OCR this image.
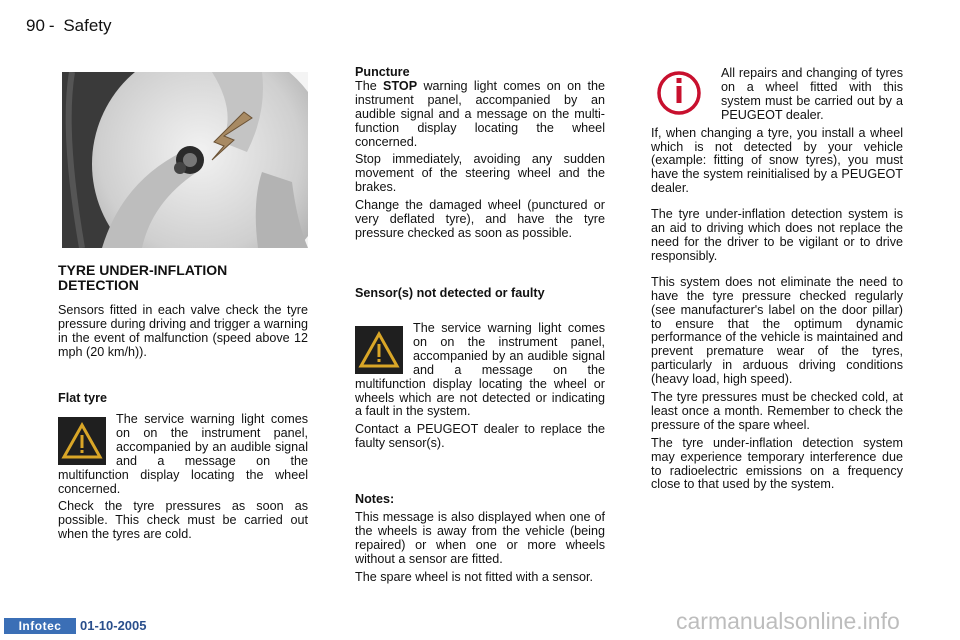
90 - Safety
TYRE UNDER-INFLATION DETECTION
Sensors fitted in each valve check the tyre pressure during driving and trigger a warning in the event of malfunction (speed above 12 mph (20 km/h)).
Flat tyre

The service warning light comes on on the instrument panel, accompanied by an audible signal and a message on the multifunction display locating the wheel concerned.

Check the tyre pressures as soon as possible. This check must be carried out when the tyres are cold.

Puncture

The STOP warning light comes on on the instrument panel, accompanied by an audible signal and a message on the multi-function display locating the wheel concerned.

Stop immediately, avoiding any sudden movement of the steering wheel and the brakes.

Change the damaged wheel (punctured or very deflated tyre), and have the tyre pressure checked as soon as possible.

Sensor(s) not detected or faulty

The service warning light comes on on the instrument panel, accompanied by an audible signal and a message on the multifunction display locating the wheel or wheels which are not detected or indicating a fault in the system.

Contact a PEUGEOT dealer to replace the faulty sensor(s).

Notes:

This message is also displayed when one of the wheels is away from the vehicle (being repaired) or when one or more wheels without a sensor are fitted.

The spare wheel is not fitted with a sensor.

All repairs and changing of tyres on a wheel fitted with this system must be carried out by a PEUGEOT dealer.

If, when changing a tyre, you install a wheel which is not detected by your vehicle (example: fitting of snow tyres), you must have the system reinitialised by a PEUGEOT dealer.

The tyre under-inflation detection system is an aid to driving which does not replace the need for the driver to be vigilant or to drive responsibly.

This system does not eliminate the need to have the tyre pressure checked regularly (see manufacturer's label on the door pillar) to ensure that the optimum dynamic performance of the vehicle is maintained and prevent premature wear of the tyres, particularly in arduous driving conditions (heavy load, high speed).

The tyre pressures must be checked cold, at least once a month. Remember to check the pressure of the spare wheel.

The tyre under-inflation detection system may experience temporary interference due to radioelectric emissions on a frequency close to that used by the system.

Infotec	01-10-2005	carmanualsonline.info
